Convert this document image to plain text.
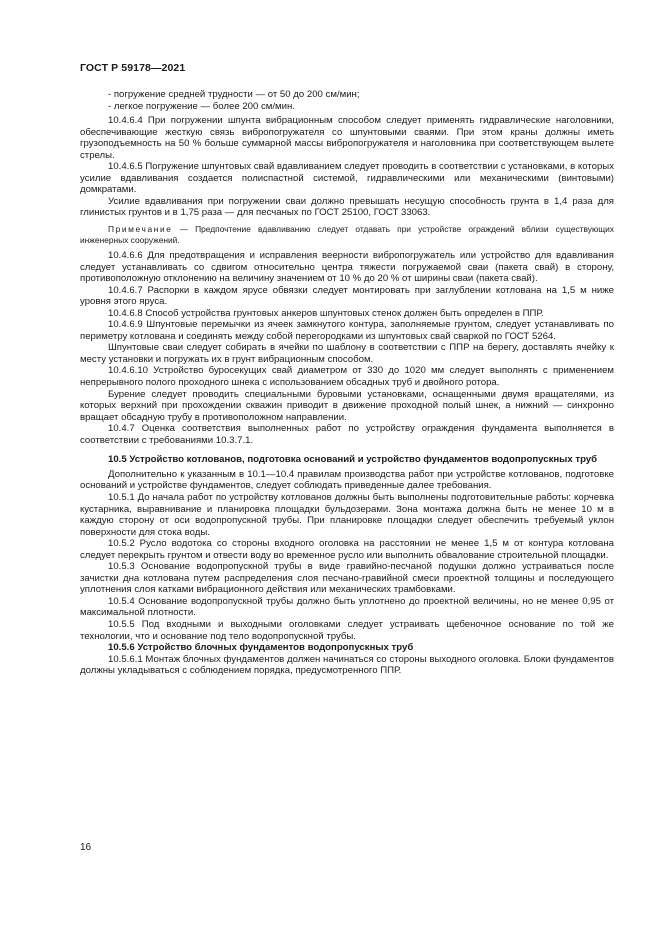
ГОСТ Р 59178—2021

- погружение средней трудности — от 50 до 200 см/мин;

- легкое погружение — более 200 см/мин.

10.4.6.4 При погружении шпунта вибрационным способом следует применять гидравлические наголовники, обеспечивающие жесткую связь вибропогружателя со шпунтовыми сваями. При этом краны должны иметь грузоподъемность на 50 % больше суммарной массы вибропогружателя и наголовника при соответствующем вылете стрелы.

10.4.6.5 Погружение шпунтовых свай вдавливанием следует проводить в соответствии с установками, в которых усилие вдавливания создается полиспастной системой, гидравлическими или механическими (винтовыми) домкратами.

Усилие вдавливания при погружении сваи должно превышать несущую способность грунта в 1,4 раза для глинистых грунтов и в 1,75 раза — для песчаных по ГОСТ 25100, ГОСТ 33063.

Примечание — Предпочтение вдавливанию следует отдавать при устройстве ограждений вблизи существующих инженерных сооружений.

10.4.6.6 Для предотвращения и исправления веерности вибропогружатель или устройство для вдавливания следует устанавливать со сдвигом относительно центра тяжести погружаемой сваи (пакета свай) в сторону, противоположную отклонению на величину значением от 10 % до 20 % от ширины сваи (пакета свай).

10.4.6.7 Распорки в каждом ярусе обвязки следует монтировать при заглублении котлована на 1,5 м ниже уровня этого яруса.

10.4.6.8 Способ устройства грунтовых анкеров шпунтовых стенок должен быть определен в ППР.

10.4.6.9 Шпунтовые перемычки из ячеек замкнутого контура, заполняемые грунтом, следует устанавливать по периметру котлована и соединять между собой перегородками из шпунтовых свай сваркой по ГОСТ 5264.

Шпунтовые сваи следует собирать в ячейки по шаблону в соответствии с ППР на берегу, доставлять ячейку к месту установки и погружать их в грунт вибрационным способом.

10.4.6.10 Устройство буросекущих свай диаметром от 330 до 1020 мм следует выполнять с применением непрерывного полого проходного шнека с использованием обсадных труб и двойного ротора.

Бурение следует проводить специальными буровыми установками, оснащенными двумя вращателями, из которых верхний при прохождении скважин приводит в движение проходной полый шнек, а нижний — синхронно вращает обсадную трубу в противоположном направлении.

10.4.7 Оценка соответствия выполненных работ по устройству ограждения фундамента выполняется в соответствии с требованиями 10.3.7.1.

10.5 Устройство котлованов, подготовка оснований и устройство фундаментов водопропускных труб

Дополнительно к указанным в 10.1—10.4 правилам производства работ при устройстве котлованов, подготовке оснований и устройстве фундаментов, следует соблюдать приведенные далее требования.

10.5.1 До начала работ по устройству котлованов должны быть выполнены подготовительные работы: корчевка кустарника, выравнивание и планировка площадки бульдозерами. Зона монтажа должна быть не менее 10 м в каждую сторону от оси водопропускной трубы. При планировке площадки следует обеспечить требуемый уклон поверхности для стока воды.

10.5.2 Русло водотока со стороны входного оголовка на расстоянии не менее 1,5 м от контура котлована следует перекрыть грунтом и отвести воду во временное русло или выполнить обвалование строительной площадки.

10.5.3 Основание водопропускной трубы в виде гравийно-песчаной подушки должно устраиваться после зачистки дна котлована путем распределения слоя песчано-гравийной смеси проектной толщины и последующего уплотнения слоя катками вибрационного действия или механических трамбовками.

10.5.4 Основание водопропускной трубы должно быть уплотнено до проектной величины, но не менее 0,95 от максимальной плотности.

10.5.5 Под входными и выходными оголовками следует устраивать щебеночное основание по той же технологии, что и основание под тело водопропускной трубы.

10.5.6 Устройство блочных фундаментов водопропускных труб

10.5.6.1 Монтаж блочных фундаментов должен начинаться со стороны выходного оголовка. Блоки фундаментов должны укладываться с соблюдением порядка, предусмотренного ППР.

16
